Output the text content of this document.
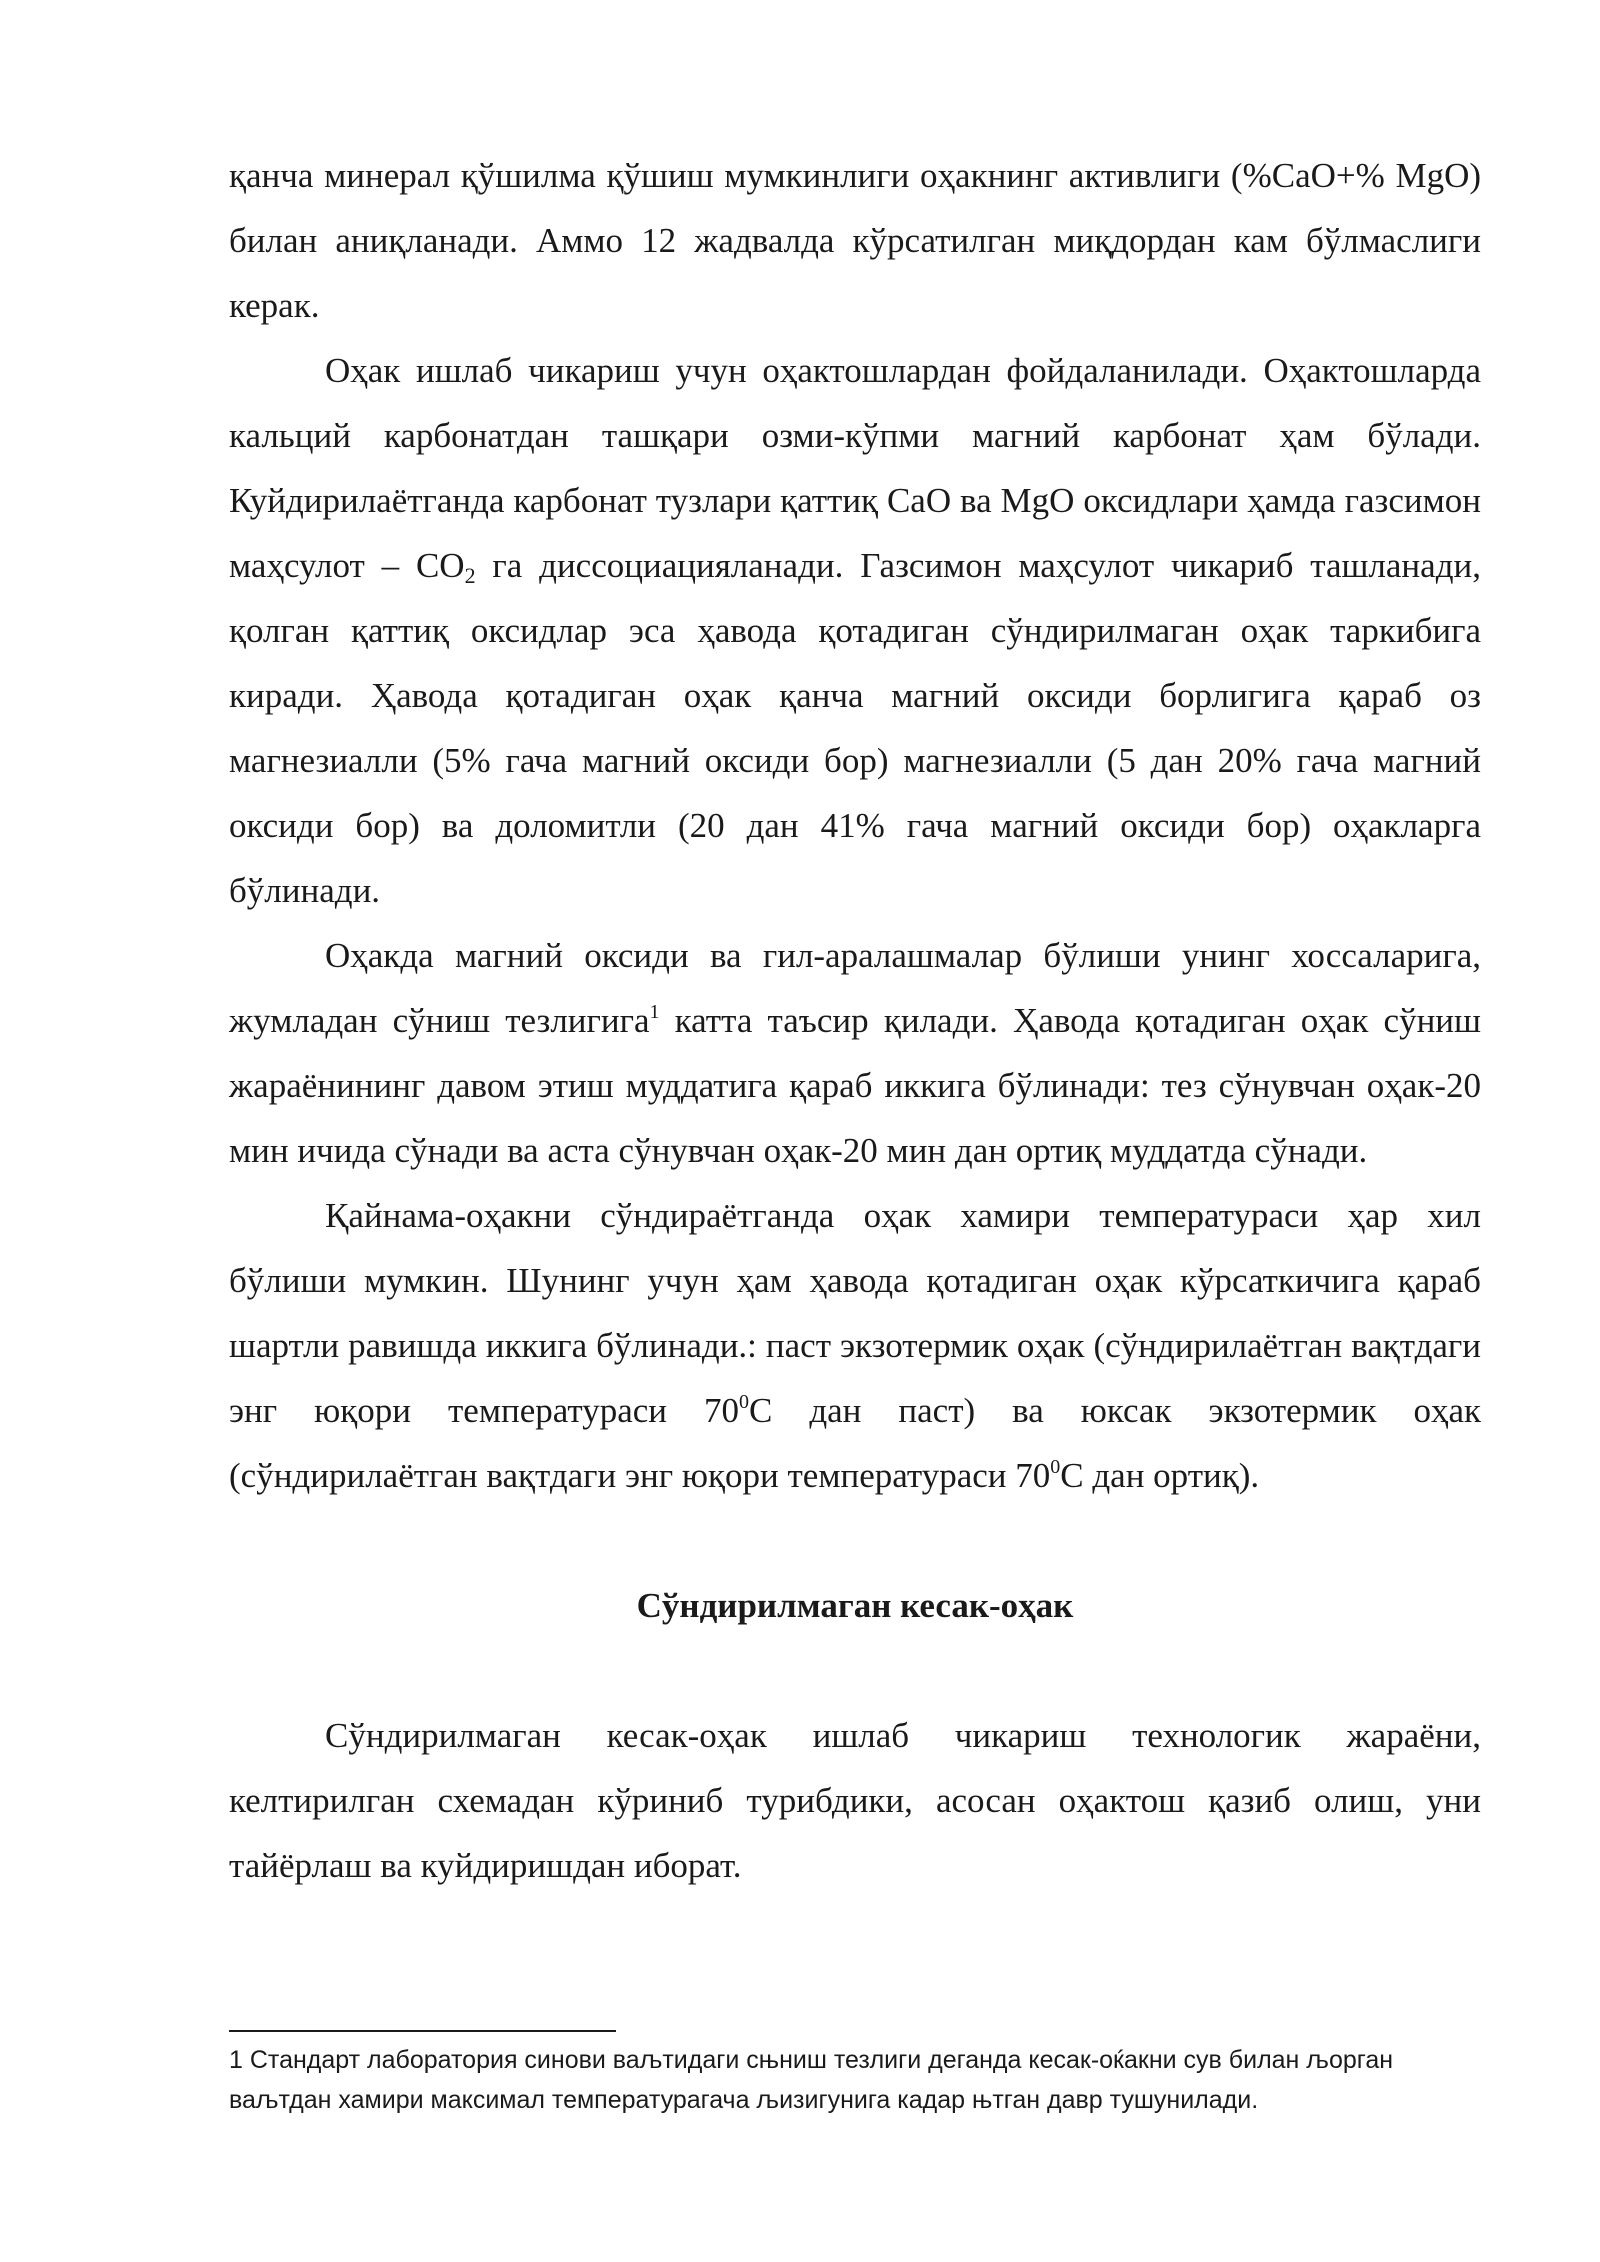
қанча минерал қўшилма қўшиш мумкинлиги оҳакнинг активлиги (%CaO+% MgO) билан аниқланади. Аммо 12 жадвалда кўрсатилган миқдордан кам бўлмаслиги керак.

Оҳак ишлаб чикариш учун оҳактошлардан фойдаланилади. Оҳактошларда кальций карбонатдан ташқари озми-кўпми магний карбонат ҳам бўлади. Куйдирилаётганда карбонат тузлари қаттиқ CaO ва MgO оксидлари ҳамда газсимон маҳсулот – $CO_2$ га диссоциацияланади. Газсимон маҳсулот чикариб ташланади, қолган қаттиқ оксидлар эса ҳавода қотадиган сўндирилмаган оҳак таркибига киради. Ҳавода қотадиган оҳак қанча магний оксиди борлигига қараб оз магнезиалли (5% гача магний оксиди бор) магнезиалли (5 дан 20% гача магний оксиди бор) ва доломитли (20 дан 41% гача магний оксиди бор) оҳакларга бўлинади.

Оҳакда магний оксиди ва гил-аралашмалар бўлиши унинг хоссаларига, жумладан сўниш тезлигига$^1$ катта таъсир қилади. Ҳавода қотадиган оҳак сўниш жараёнининг давом этиш муддатига қараб иккига бўлинади: тез сўнувчан оҳак-20 мин ичида сўнади ва аста сўнувчан оҳак-20 мин дан ортиқ муддатда сўнади.

Қайнама-оҳакни сўндираётганда оҳак хамири температураси ҳар хил бўлиши мумкин. Шунинг учун ҳам ҳавода қотадиган оҳак кўрсаткичига қараб шартли равишда иккига бўлинади.: паст экзотермик оҳак (сўндирилаётган вақтдаги энг юқори температураси $70^0С$ дан паст) ва юксак экзотермик оҳак (сўндирилаётган вақтдаги энг юқори температураси $70^0С$ дан ортиқ).

Сўндирилмаган кесак-оҳак

Сўндирилмаган кесак-оҳак ишлаб чикариш технологик жараёни, келтирилган схемадан кўриниб турибдики, асосан оҳактош қазиб олиш, уни тайёрлаш ва куйдиришдан иборат.

1 Стандарт лаборатория синови ваљтидаги сњниш тезлиги деганда кесак-оќакни сув билан љорган ваљтдан хамири максимал температурагача љизигунига кадар њтган давр тушунилади.
